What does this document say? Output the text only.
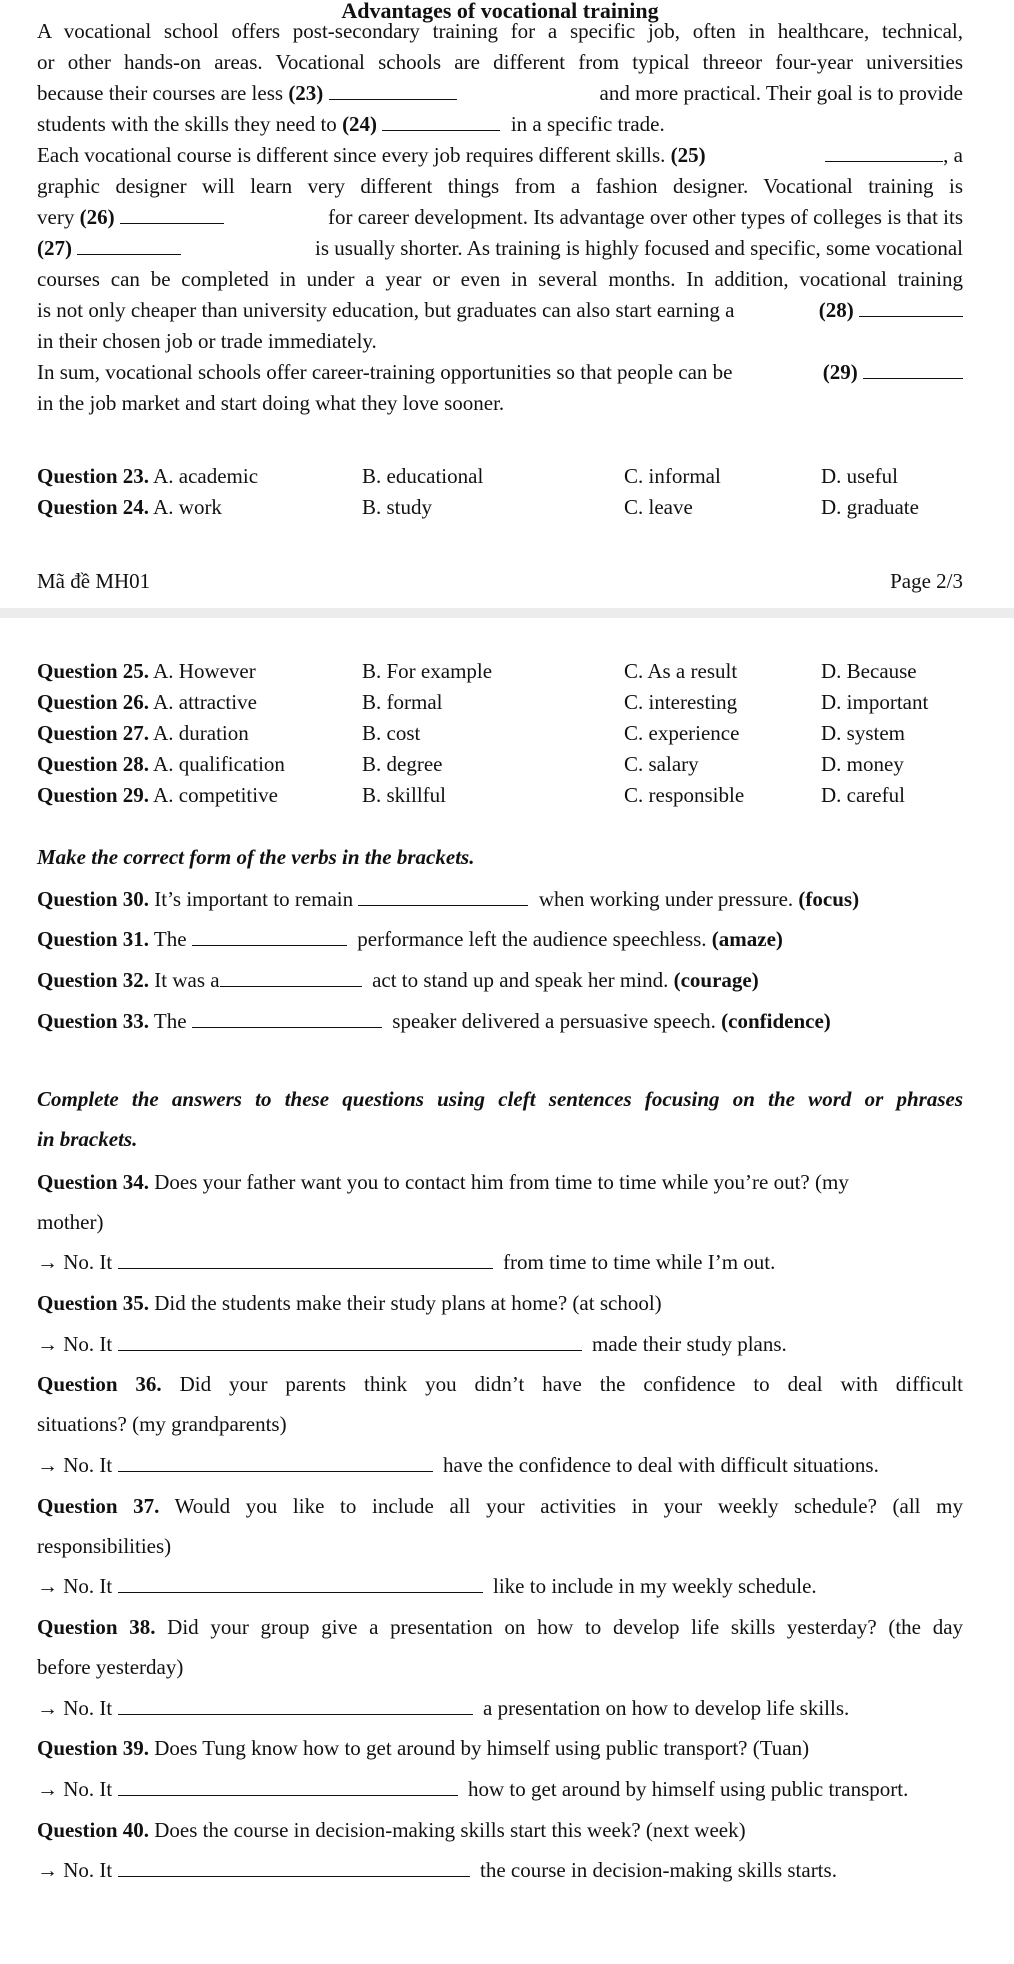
Advantages of vocational training
A vocational school offers post-secondary training for a specific job, often in healthcare, technical,
or other hands-on areas. Vocational schools are different from typical threeor four-year universities
because their courses are less (23)	and more practical. Their goal is to provide
students with the skills they need to (24)	in a specific trade.
Each vocational course is different since every job requires different skills. (25)	, a
graphic designer will learn very different things from a fashion designer. Vocational training is
very (26)	for career development. Its advantage over other types of colleges is that its
(27)	is usually shorter. As training is highly focused and specific, some vocational
courses can be completed in under a year or even in several months. In addition, vocational training
is not only cheaper than university education, but graduates can also start earning a	(28)
in their chosen job or trade immediately.
In sum, vocational schools offer career-training opportunities so that people can be	(29)
in the job market and start doing what they love sooner.
Question 23. A. academic	B. educational	C. informal	D. useful
Question 24. A. work	B. study	C. leave	D. graduate
Mã đề MH01	Page 2/3
Question 25. A. However	B. For example	C. As a result	D. Because
Question 26. A. attractive	B. formal	C. interesting	D. important
Question 27. A. duration	B. cost	C. experience	D. system
Question 28. A. qualification	B. degree	C. salary	D. money
Question 29. A. competitive	B. skillful	C. responsible	D. careful
Make the correct form of the verbs in the brackets.
Question 30. It’s important to remain	when working under pressure. (focus)
Question 31. The	performance left the audience speechless. (amaze)
Question 32. It was a	act to stand up and speak her mind. (courage)
Question 33. The	speaker delivered a persuasive speech. (confidence)
Complete the answers to these questions using cleft sentences focusing on the word or phrases
in brackets.
Question 34. Does your father want you to contact him from time to time while you’re out? (my
mother)
→ No. It	from time to time while I’m out.
Question 35. Did the students make their study plans at home? (at school)
→ No. It	made their study plans.
Question 36. Did your parents think you didn’t have the confidence to deal with difficult
situations? (my grandparents)
→ No. It	have the confidence to deal with difficult situations.
Question 37. Would you like to include all your activities in your weekly schedule? (all my
responsibilities)
→ No. It	like to include in my weekly schedule.
Question 38. Did your group give a presentation on how to develop life skills yesterday? (the day
before yesterday)
→ No. It	a presentation on how to develop life skills.
Question 39. Does Tung know how to get around by himself using public transport? (Tuan)
→ No. It	how to get around by himself using public transport.
Question 40. Does the course in decision-making skills start this week? (next week)
→ No. It	the course in decision-making skills starts.
